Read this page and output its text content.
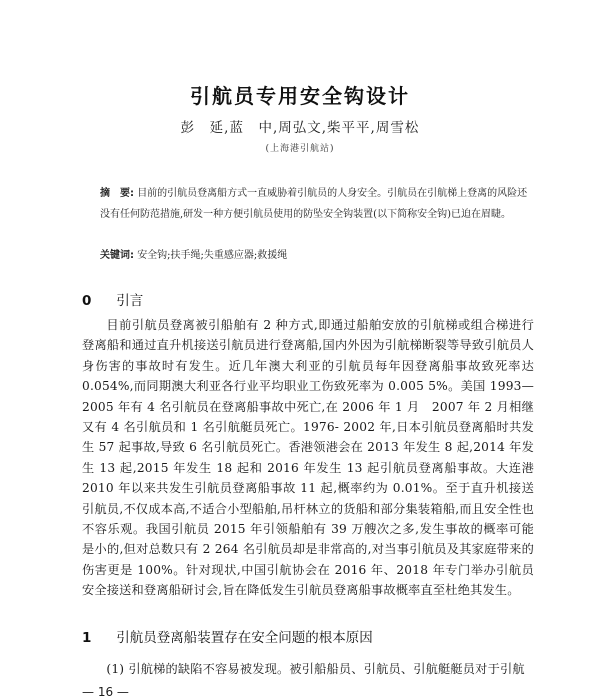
引航员专用安全钩设计
彭　延,蓝　中,周弘文,柴平平,周雪松
(上海港引航站)
摘　要: 目前的引航员登离船方式一直威胁着引航员的人身安全。引航员在引航梯上登离的风险还没有任何防范措施,研发一种方便引航员使用的防坠安全钩装置(以下简称安全钩)已迫在眉睫。
关键词: 安全钩;扶手绳;失重感应器;救援绳
0 引言
目前引航员登离被引船舶有 2 种方式,即通过船舶安放的引航梯或组合梯进行登离船和通过直升机接送引航员进行登离船,国内外因为引航梯断裂等导致引航员人身伤害的事故时有发生。近几年澳大利亚的引航员每年因登离船事故致死率达 0.054%,而同期澳大利亚各行业平均职业工伤致死率为 0.005 5%。美国 1993—2005 年有 4 名引航员在登离船事故中死亡,在 2006 年 1 月　2007 年 2 月相继又有 4 名引航员和 1 名引航艇员死亡。1976- 2002 年,日本引航员登离船时共发生 57 起事故,导致 6 名引航员死亡。香港领港会在 2013 年发生 8 起,2014 年发生 13 起,2015 年发生 18 起和 2016 年发生 13 起引航员登离船事故。大连港 2010 年以来共发生引航员登离船事故 11 起,概率约为 0.01%。至于直升机接送引航员,不仅成本高,不适合小型船舶,吊杆林立的货船和部分集装箱船,而且安全性也不容乐观。我国引航员 2015 年引领船舶有 39 万艘次之多,发生事故的概率可能是小的,但对总数只有 2 264 名引航员却是非常高的,对当事引航员及其家庭带来的伤害更是 100%。针对现状,中国引航协会在 2016 年、2018 年专门举办引航员安全接送和登离船研讨会,旨在降低发生引航员登离船事故概率直至杜绝其发生。
1 引航员登离船装置存在安全问题的根本原因
(1) 引航梯的缺陷不容易被发现。被引船船员、引航员、引航艇艇员对于引航
— 16 —
